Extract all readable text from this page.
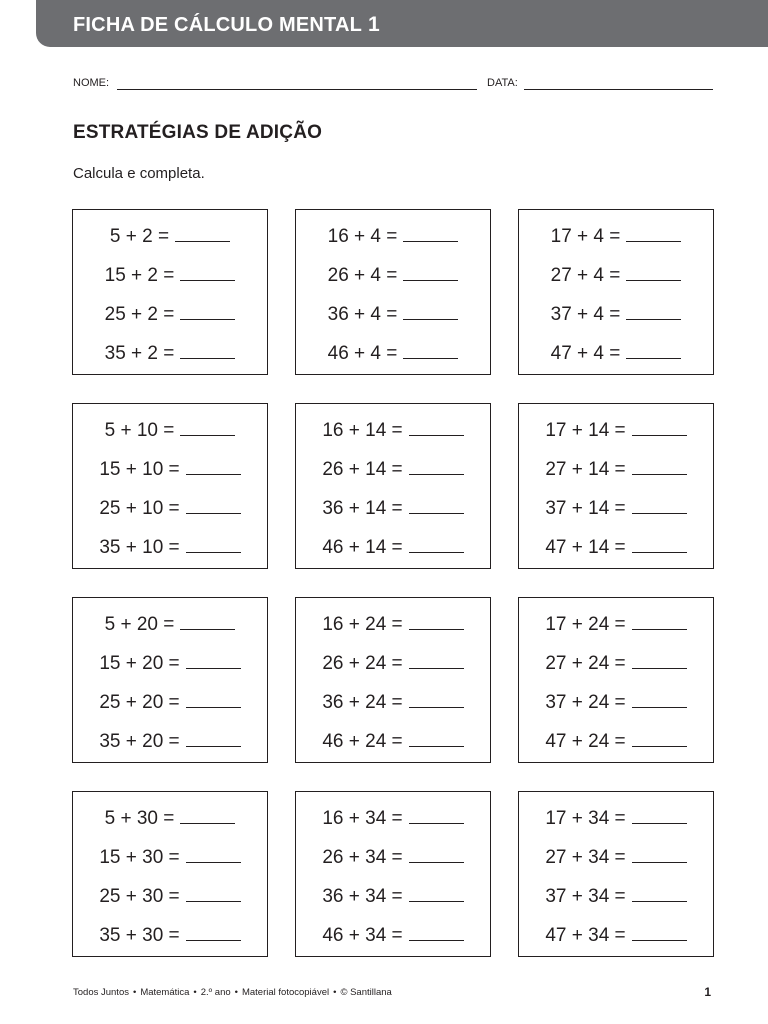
FICHA DE CÁLCULO MENTAL 1
NOME:	DATA:
ESTRATÉGIAS DE ADIÇÃO
Calcula e completa.
5 + 2 =
15 + 2 =
25 + 2 =
35 + 2 =
16 + 4 =
26 + 4 =
36 + 4 =
46 + 4 =
17 + 4 =
27 + 4 =
37 + 4 =
47 + 4 =
5 + 10 =
15 + 10 =
25 + 10 =
35 + 10 =
16 + 14 =
26 + 14 =
36 + 14 =
46 + 14 =
17 + 14 =
27 + 14 =
37 + 14 =
47 + 14 =
5 + 20 =
15 + 20 =
25 + 20 =
35 + 20 =
16 + 24 =
26 + 24 =
36 + 24 =
46 + 24 =
17 + 24 =
27 + 24 =
37 + 24 =
47 + 24 =
5 + 30 =
15 + 30 =
25 + 30 =
35 + 30 =
16 + 34 =
26 + 34 =
36 + 34 =
46 + 34 =
17 + 34 =
27 + 34 =
37 + 34 =
47 + 34 =
Todos Juntos • Matemática • 2.º ano • Material fotocopiável • © Santillana	1
